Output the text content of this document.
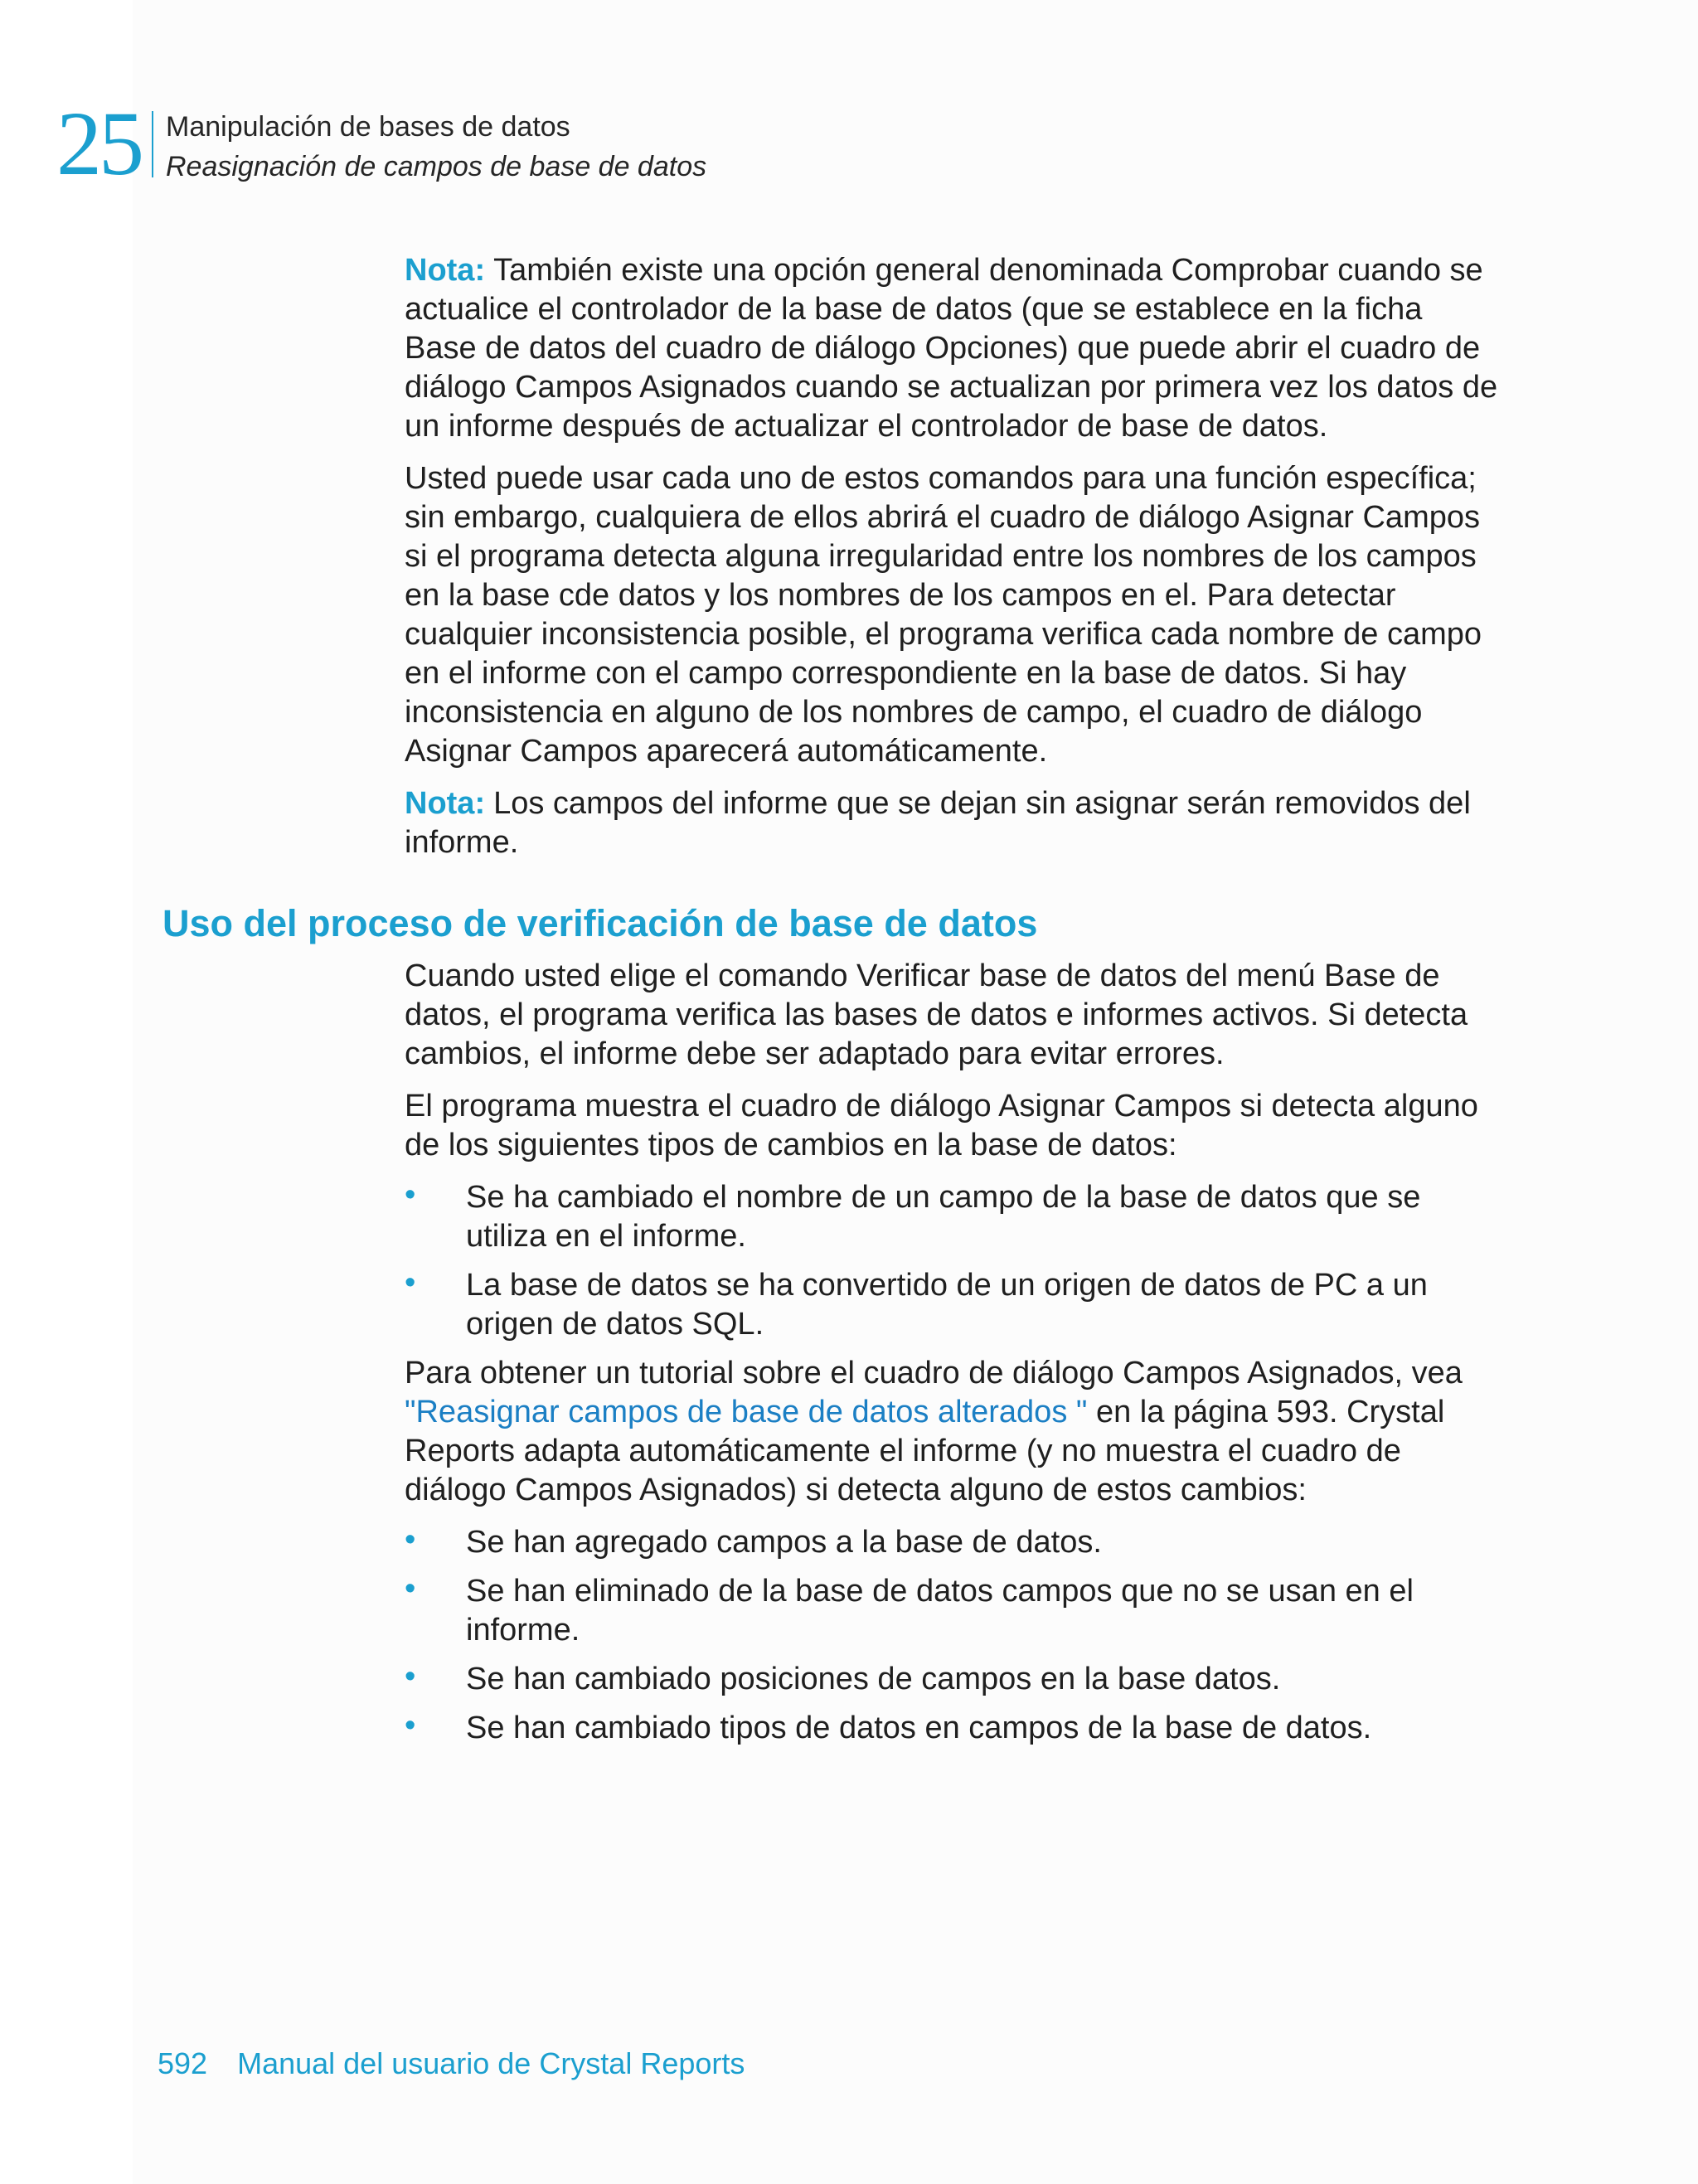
25 Manipulación de bases de datos
Reasignación de campos de base de datos

Nota: También existe una opción general denominada Comprobar cuando se actualice el controlador de la base de datos (que se establece en la ficha Base de datos del cuadro de diálogo Opciones) que puede abrir el cuadro de diálogo Campos Asignados cuando se actualizan por primera vez los datos de un informe después de actualizar el controlador de base de datos.

Usted puede usar cada uno de estos comandos para una función específica; sin embargo, cualquiera de ellos abrirá el cuadro de diálogo Asignar Campos si el programa detecta alguna irregularidad entre los nombres de los campos en la base cde datos y los nombres de los campos en el. Para detectar cualquier inconsistencia posible, el programa verifica cada nombre de campo en el informe con el campo correspondiente en la base de datos. Si hay inconsistencia en alguno de los nombres de campo, el cuadro de diálogo Asignar Campos aparecerá automáticamente.

Nota: Los campos del informe que se dejan sin asignar serán removidos del informe.

Uso del proceso de verificación de base de datos

Cuando usted elige el comando Verificar base de datos del menú Base de datos, el programa verifica las bases de datos e informes activos. Si detecta cambios, el informe debe ser adaptado para evitar errores.

El programa muestra el cuadro de diálogo Asignar Campos si detecta alguno de los siguientes tipos de cambios en la base de datos:

• Se ha cambiado el nombre de un campo de la base de datos que se utiliza en el informe.
• La base de datos se ha convertido de un origen de datos de PC a un origen de datos SQL.

Para obtener un tutorial sobre el cuadro de diálogo Campos Asignados, vea "Reasignar campos de base de datos alterados " en la página 593. Crystal Reports adapta automáticamente el informe (y no muestra el cuadro de diálogo Campos Asignados) si detecta alguno de estos cambios:

• Se han agregado campos a la base de datos.
• Se han eliminado de la base de datos campos que no se usan en el informe.
• Se han cambiado posiciones de campos en la base datos.
• Se han cambiado tipos de datos en campos de la base de datos.
592 Manual del usuario de Crystal Reports
